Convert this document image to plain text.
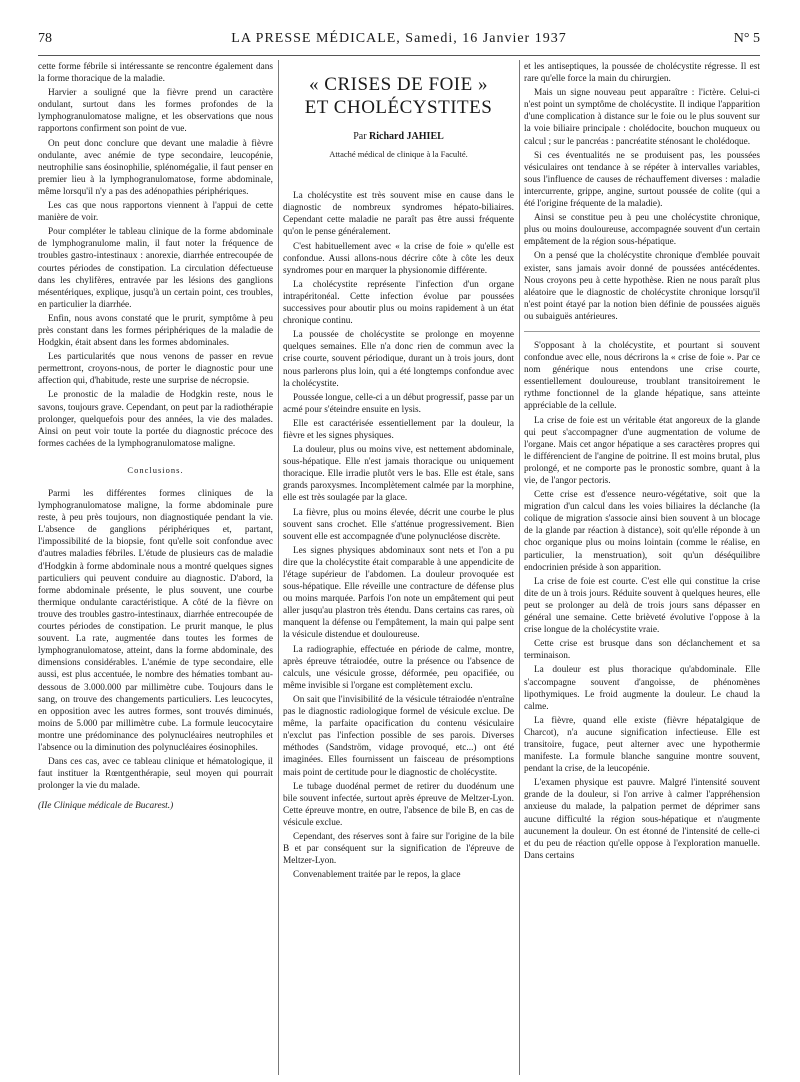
78	LA PRESSE MÉDICALE, Samedi, 16 Janvier 1937	N° 5

cette forme fébrile si intéressante se rencontre également dans la forme thoracique de la maladie.

Harvier a souligné que la fièvre prend un caractère ondulant, surtout dans les formes profondes de la lymphogranulomatose maligne, et les observations que nous rapportons confirment son point de vue.

On peut donc conclure que devant une maladie à fièvre ondulante, avec anémie de type secondaire, leucopénie, neutrophilie sans éosinophilie, splénomégalie, il faut penser en premier lieu à la lymphogranulomatose, forme abdominale, même lorsqu'il n'y a pas des adénopathies périphériques.

Les cas que nous rapportons viennent à l'appui de cette manière de voir.

Pour compléter le tableau clinique de la forme abdominale de lymphogranulome malin, il faut noter la fréquence de troubles gastro-intestinaux : anorexie, diarrhée entrecoupée de courtes périodes de constipation. La circulation défectueuse dans les chylifères, entravée par les lésions des ganglions mésentériques, explique, jusqu'à un certain point, ces troubles, en particulier la diarrhée.

Enfin, nous avons constaté que le prurit, symptôme à peu près constant dans les formes périphériques de la maladie de Hodgkin, était absent dans les formes abdominales.

Les particularités que nous venons de passer en revue permettront, croyons-nous, de porter le diagnostic pour une affection qui, d'habitude, reste une surprise de nécropsie.

Le pronostic de la maladie de Hodgkin reste, nous le savons, toujours grave. Cependant, on peut par la radiothérapie prolonger, quelquefois pour des années, la vie des malades. Ainsi on peut voir toute la portée du diagnostic précoce des formes cachées de la lymphogranulomatose maligne.

Conclusions.

Parmi les différentes formes cliniques de la lymphogranulomatose maligne, la forme abdominale pure reste, à peu près toujours, non diagnostiquée pendant la vie. L'absence de ganglions périphériques et, partant, l'impossibilité de la biopsie, font qu'elle soit confondue avec d'autres maladies fébriles. L'étude de plusieurs cas de maladie d'Hodgkin à forme abdominale nous a montré quelques signes particuliers qui peuvent conduire au diagnostic. D'abord, la forme abdominale présente, le plus souvent, une courbe thermique ondulante caractéristique. A côté de la fièvre on trouve des troubles gastro-intestinaux, diarrhée entrecoupée de courtes périodes de constipation. Le prurit manque, le plus souvent. La rate, augmentée dans toutes les formes de lymphogranulomatose, atteint, dans la forme abdominale, des dimensions considérables. L'anémie de type secondaire, elle aussi, est plus accentuée, le nombre des hématies tombant au-dessous de 3.000.000 par millimètre cube. Toujours dans le sang, on trouve des changements particuliers. Les leucocytes, en opposition avec les autres formes, sont trouvés diminués, moins de 5.000 par millimètre cube. La formule leucocytaire montre une prédominance des polynucléaires neutrophiles et l'absence ou la diminution des polynucléaires éosinophiles.

Dans ces cas, avec ce tableau clinique et hématologique, il faut instituer la Rœntgenthérapie, seul moyen qui pourrait prolonger la vie du malade.

(IIe Clinique médicale de Bucarest.)
« CRISES DE FOIE »
ET CHOLÉCYSTITES
Par Richard JAHIEL
Attaché médical de clinique à la Faculté.

La cholécystite est très souvent mise en cause dans le diagnostic de nombreux syndromes hépato-biliaires. Cependant cette maladie ne paraît pas être aussi fréquente qu'on le pense généralement.

C'est habituellement avec « la crise de foie » qu'elle est confondue. Aussi allons-nous décrire côte à côte les deux syndromes pour en marquer la physionomie différente.

La cholécystite représente l'infection d'un organe intrapéritonéal. Cette infection évolue par poussées successives pour aboutir plus ou moins rapidement à un état chronique continu.

La poussée de cholécystite se prolonge en moyenne quelques semaines. Elle n'a donc rien de commun avec la crise courte, souvent périodique, durant un à trois jours, dont nous parlerons plus loin, qui a été longtemps confondue avec la cholécystite.

Poussée longue, celle-ci a un début progressif, passe par un acmé pour s'éteindre ensuite en lysis.

Elle est caractérisée essentiellement par la douleur, la fièvre et les signes physiques.

La douleur, plus ou moins vive, est nettement abdominale, sous-hépatique. Elle n'est jamais thoracique ou uniquement thoracique. Elle irradie plutôt vers le bas. Elle est étale, sans grands paroxysmes. Incomplètement calmée par la morphine, elle est très soulagée par la glace.

La fièvre, plus ou moins élevée, décrit une courbe le plus souvent sans crochet. Elle s'atténue progressivement. Bien souvent elle est accompagnée d'une polynucléose discrète.

Les signes physiques abdominaux sont nets et l'on a pu dire que la cholécystite était comparable à une appendicite de l'étage supérieur de l'abdomen. La douleur provoquée est sous-hépatique. Elle réveille une contracture de défense plus ou moins marquée. Parfois l'on note un empâtement qui peut aller jusqu'au plastron très étendu. Dans certains cas rares, où manquent la défense ou l'empâtement, la main qui palpe sent la vésicule distendue et douloureuse.

La radiographie, effectuée en période de calme, montre, après épreuve tétraiodée, outre la présence ou l'absence de calculs, une vésicule grosse, déformée, peu opacifiée, ou même invisible si l'organe est complètement exclu.

On sait que l'invisibilité de la vésicule tétraiodée n'entraîne pas le diagnostic radiologique formel de vésicule exclue. De même, la parfaite opacification du contenu vésiculaire n'exclut pas l'infection possible de ses parois. Diverses méthodes (Sandström, vidage provoqué, etc...) ont été imaginées. Elles fournissent un faisceau de présomptions mais point de certitude pour le diagnostic de cholécystite.

Le tubage duodénal permet de retirer du duodénum une bile souvent infectée, surtout après épreuve de Meltzer-Lyon. Cette épreuve montre, en outre, l'absence de bile B, en cas de vésicule exclue.

Cependant, des réserves sont à faire sur l'origine de la bile B et par conséquent sur la signification de l'épreuve de Meltzer-Lyon.

Convenablement traitée par le repos, la glace

et les antiseptiques, la poussée de cholécystite régresse. Il est rare qu'elle force la main du chirurgien.

Mais un signe nouveau peut apparaître : l'ictère. Celui-ci n'est point un symptôme de cholécystite. Il indique l'apparition d'une complication à distance sur le foie ou le plus souvent sur la voie biliaire principale : cholédocite, bouchon muqueux ou calcul ; sur le pancréas : pancréatite sténosant le cholédoque.

Si ces éventualités ne se produisent pas, les poussées vésiculaires ont tendance à se répéter à intervalles variables, sous l'influence de causes de réchauffement diverses : maladie intercurrente, grippe, angine, surtout poussée de colite (qui a été l'origine fréquente de la maladie).

Ainsi se constitue peu à peu une cholécystite chronique, plus ou moins douloureuse, accompagnée souvent d'un certain empâtement de la région sous-hépatique.

On a pensé que la cholécystite chronique d'emblée pouvait exister, sans jamais avoir donné de poussées antécédentes. Nous croyons peu à cette hypothèse. Rien ne nous paraît plus aléatoire que le diagnostic de cholécystite chronique lorsqu'il n'est point étayé par la notion bien définie de poussées aiguës ou subaiguës antérieures.

S'opposant à la cholécystite, et pourtant si souvent confondue avec elle, nous décrirons la « crise de foie ». Par ce nom générique nous entendons une crise courte, essentiellement douloureuse, troublant transitoirement le rythme fonctionnel de la glande hépatique, sans atteinte appréciable de la cellule.

La crise de foie est un véritable état angoreux de la glande qui peut s'accompagner d'une augmentation de volume de l'organe. Mais cet angor hépatique a ses caractères propres qui le différencient de l'angine de poitrine. Il est moins brutal, plus prolongé, et ne comporte pas le pronostic sombre, quant à la vie, de l'angor pectoris.

Cette crise est d'essence neuro-végétative, soit que la migration d'un calcul dans les voies biliaires la déclanche (la colique de migration s'associe ainsi bien souvent à un blocage de la glande par réaction à distance), soit qu'elle réponde à un choc organique plus ou moins lointain (comme le réalise, en particulier, la menstruation), soit qu'un déséquilibre endocrinien préside à son apparition.

La crise de foie est courte. C'est elle qui constitue la crise dite de un à trois jours. Réduite souvent à quelques heures, elle peut se prolonger au delà de trois jours sans dépasser en général une semaine. Cette brièveté évolutive l'oppose à la crise longue de la cholécystite vraie.

Cette crise est brusque dans son déclanchement et sa terminaison.

La douleur est plus thoracique qu'abdominale. Elle s'accompagne souvent d'angoisse, de phénomènes lipothymiques. Le froid augmente la douleur. Le chaud la calme.

La fièvre, quand elle existe (fièvre hépatalgique de Charcot), n'a aucune signification infectieuse. Elle est transitoire, fugace, peut alterner avec une hypothermie manifeste. La formule blanche sanguine montre souvent, pendant la crise, de la leucopénie.

L'examen physique est pauvre. Malgré l'intensité souvent grande de la douleur, si l'on arrive à calmer l'appréhension anxieuse du malade, la palpation permet de déprimer sans aucune difficulté la région sous-hépatique et n'augmente aucunement la douleur. On est étonné de l'intensité de celle-ci et du peu de réaction qu'elle oppose à l'exploration manuelle. Dans certains
